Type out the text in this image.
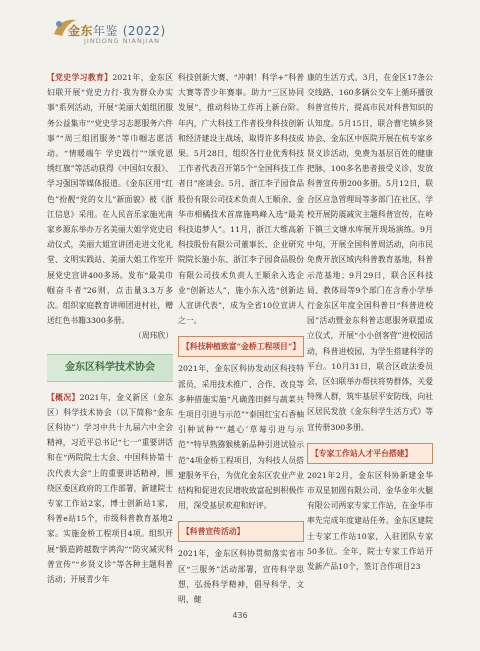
金东年鉴 (2022)
JINDONG NIANJIAN

【党史学习教育】2021年，金东区妇联开展“党史力行·我为群众办实事”系列活动，开展“美丽大姐组团服务公益集市”“党史学习志愿服务六件事”“周三组团服务”等巾帼志愿活动。“情暖端午 学史践行”“颂党恩 绣红旗”等活动获得《中国妇女报》、学习强国等媒体报道。《金东区用“红色”扮靓“党的女儿”新面貌》被《浙江信息》采用。在人民音乐家施光南家乡源东举办万名美丽大姐学党史启动仪式，美丽大姐宣讲团走进文化礼堂、文明实践站、美丽大姐工作室开展党史宣讲400多场。发布“最美巾帼奋斗者”26则，点击量3.3万多次。组织家庭教育讲师团进村社，赠送红色书籍3300多册。

（周玮欣）

金东区科学技术协会

【概况】2021年，金义新区（金东区）科学技术协会（以下简称“金东区科协”）学习中共十九届六中全会精神，习近平总书记“七一”重要讲话和在“两院院士大会、中国科协第十次代表大会”上的重要讲话精神，围绕区委区政府的工作部署，新建院士专家工作站2家，博士创新站1家，科普e站15个，市级科普教育基地2家。实施金桥工程项目4项。组织开展“锻造跨越数字鸿沟”“防灾减灾科普宣传”“乡贤义诊”等各种主题科普活动；开展青少年

科技创新大赛、“冲刺！科学+”科普大赛等青少年赛事。助力“三区协同发展”，推动科协工作再上新台阶。年内，广大科技工作者投身科技创新和经济建设主战场，取得许多科技成果。5月28日，组织各行业优秀科技工作者代表召开第5个“全国科技工作者日”座谈会。5月，浙江李子园食品股份有限公司技术负责人王顺余、金华市相橘技术首席施鸣峰入选“最美科技追梦人”。11月，浙江大维高新科技股份有限公司董事长、企业研究院院长施小东、浙江李子园食品股份有限公司技术负责人王顺余入选企业“创新达人”，施小东入选“创新达人宣讲代表”，成为全省10位宣讲人之一。

【科技种植致富“金桥工程项目”】

2021年，金东区科协发动区科技特派员，采用技术推广、合作、改良等多种措施实施“凡确莲田鲜与蔬菜共生项目引进与示范”“泰国红宝石香柚引种试种”“‘越心’草莓引进与示范”“特早熟猕猴桃新品种引进试验示范”4项金桥工程项目，为科技人员搭建服务平台，为优化金东区农业产业结构和促进农民增收致富起到积极作用，深受基层欢迎和好评。

【科普宣传活动】

2021年，金东区科协贯彻落实省市区“三服务”活动部署，宣传科学思想，弘扬科学精神，倡导科学、文明、健

康的生活方式。3月，在金区17条公交线路、160多辆公交车上循环播放科普宣传片，提高市民对科普知识的认知度。5月15日，联合曹宅镇乡贤协会、金东区中医院开展在杭专家乡贤义诊活动，免费为基层百姓的健康把脉，100多名患者接受义诊，发放科普宣传册200多册。5月12日，联合区应急管理局等多部门在社区、学校开展防震减灾主题科普宣传，在岭下镇三文塘水库展开现场演练。9月中旬，开展全国科普周活动，向市民免费开放区域内科普教育基地，科普示范基地；9月29日，联合区科技局、教体局等9个部门在含香小学举行金东区年度全国科普日“科普进校园”活动暨金东科普志愿服务联盟成立仪式，开展“小小创客营”进校园活动，科普进校园，为学生搭建科学的平台。10月31日，联合区政法委员会，区妇联举办帮扶将势群体，关爱特殊人群，筑牢基层平安防线，向社区居民发放《金东科学生活方式》等宣传册300多册。

【专家工作站人才平台搭建】

2021年2月，金东区科协新建金华市双星韧圆有限公司、金华金年火腿有限公司两家专家工作站，在金华市率先完成年度建站任务。金东区建院士专家工作站10家，入驻团队专家50多位。全年，院士专家工作站开发新产品10个，签订合作项目23

436
